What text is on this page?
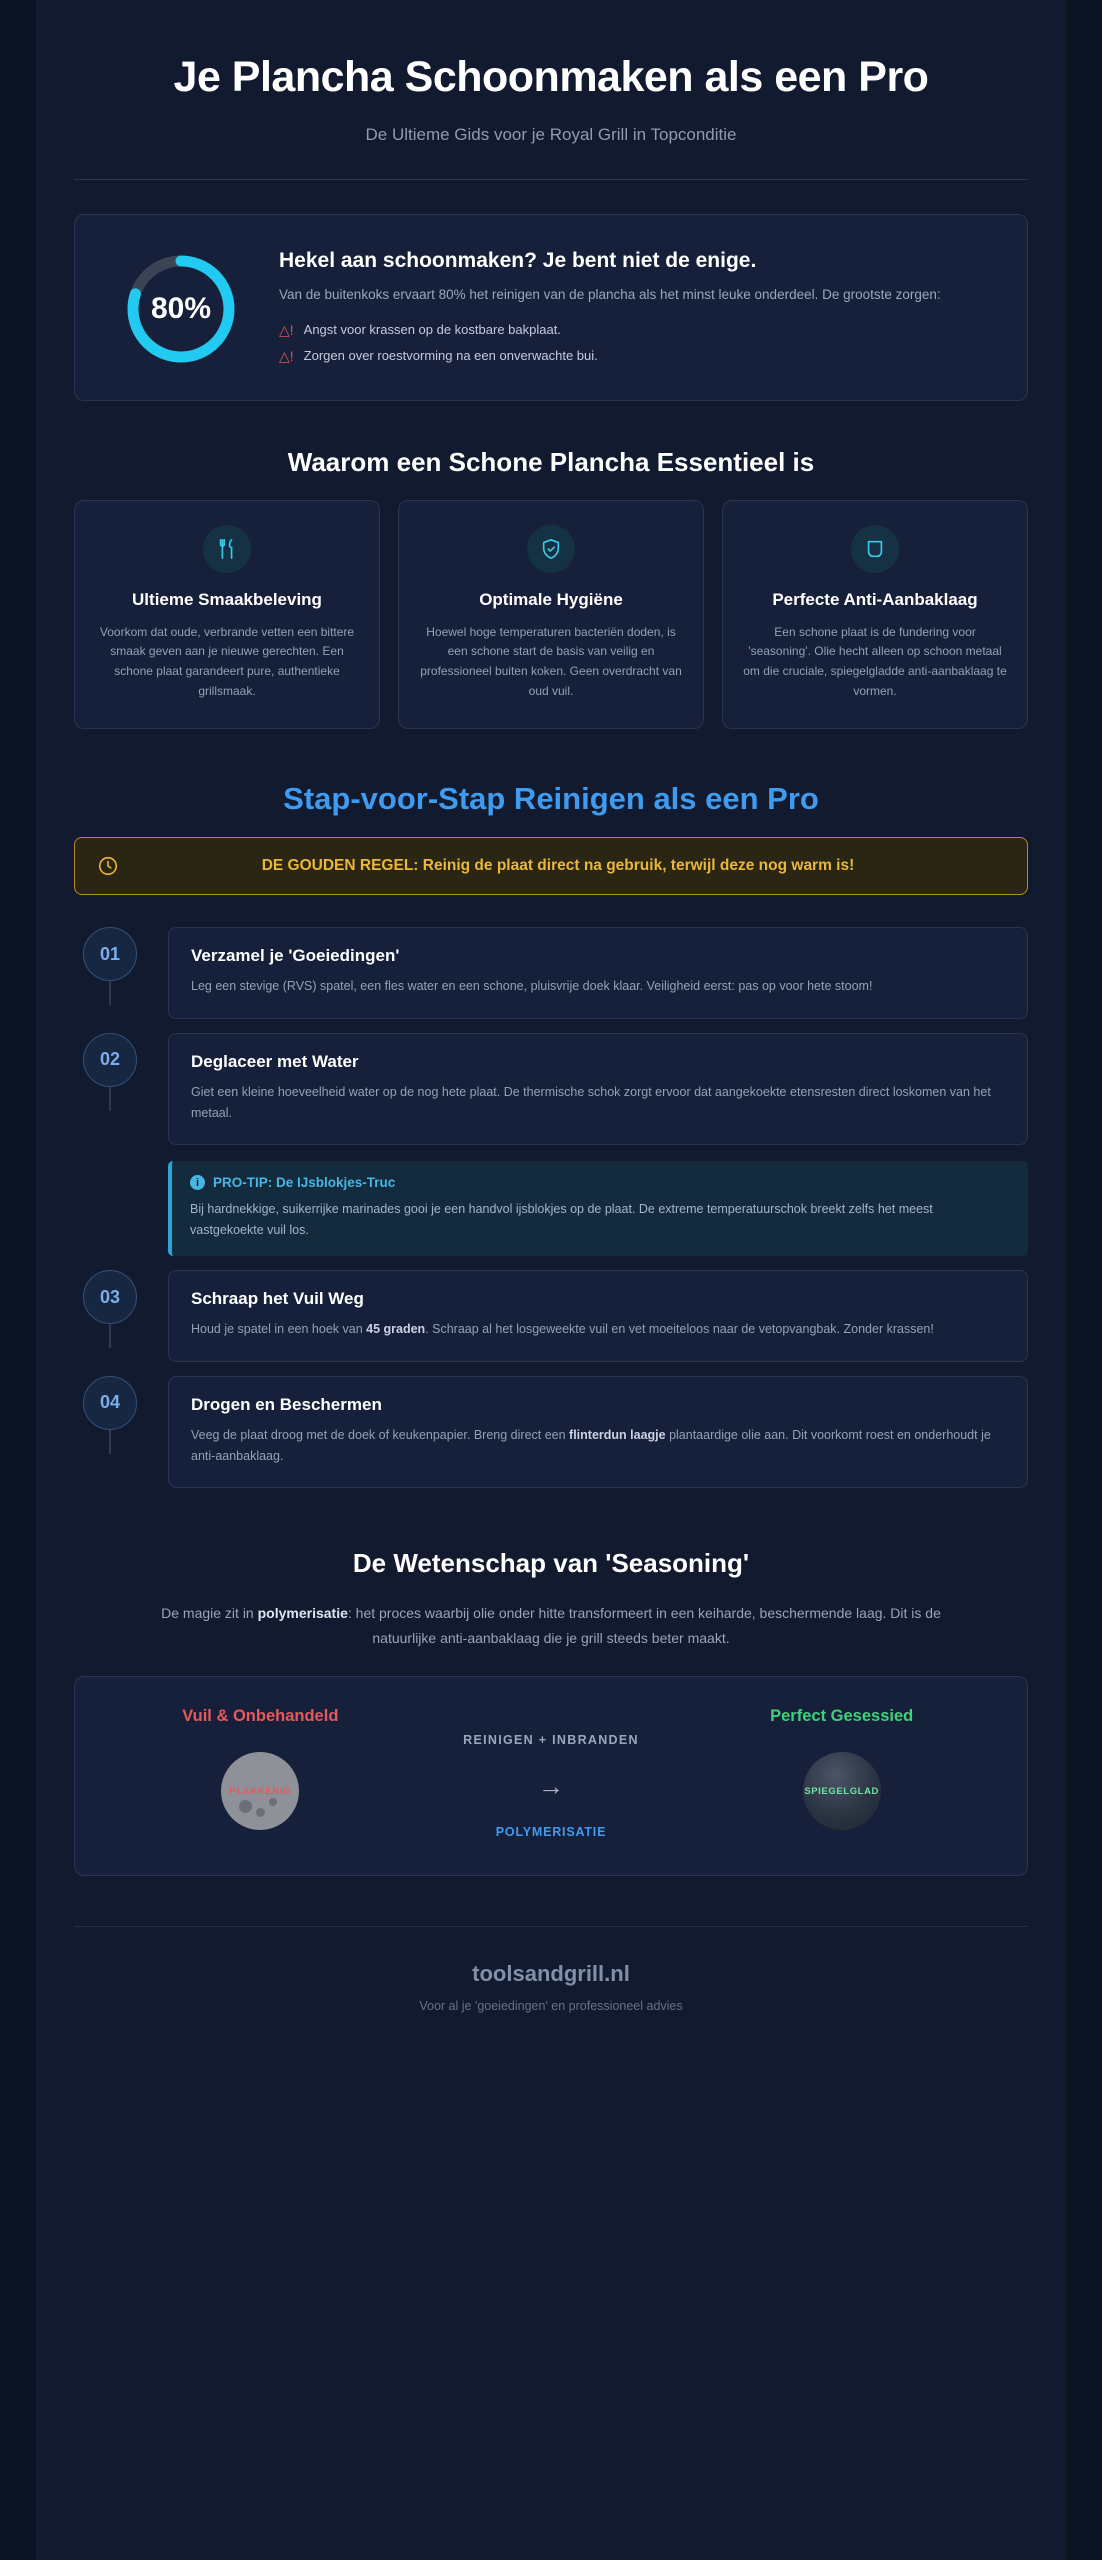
Je Plancha Schoonmaken als een Pro
De Ultieme Gids voor je Royal Grill in Topconditie
80%
Hekel aan schoonmaken? Je bent niet de enige.

Van de buitenkoks ervaart 80% het reinigen van de plancha als het minst leuke onderdeel. De grootste zorgen:

△! Angst voor krassen op de kostbare bakplaat.
△! Zorgen over roestvorming na een onverwachte bui.
Waarom een Schone Plancha Essentieel is
Ultieme Smaakbeleving

Voorkom dat oude, verbrande vetten een bittere smaak geven aan je nieuwe gerechten. Een schone plaat garandeert pure, authentieke grillsmaak.

Optimale Hygiëne

Hoewel hoge temperaturen bacteriën doden, is een schone start de basis van veilig en professioneel buiten koken. Geen overdracht van oud vuil.

Perfecte Anti-Aanbaklaag

Een schone plaat is de fundering voor 'seasoning'. Olie hecht alleen op schoon metaal om die cruciale, spiegelgladde anti-aanbaklaag te vormen.

Stap-voor-Stap Reinigen als een Pro
DE GOUDEN REGEL: Reinig de plaat direct na gebruik, terwijl deze nog warm is!
01	Verzamel je 'Goeiedingen'

Leg een stevige (RVS) spatel, een fles water en een schone, pluisvrije doek klaar. Veiligheid eerst: pas op voor hete stoom!

02	Deglaceer met Water

Giet een kleine hoeveelheid water op de nog hete plaat. De thermische schok zorgt ervoor dat aangekoekte etensresten direct loskomen van het metaal.

i	PRO-TIP: De IJsblokjes-Truc

Bij hardnekkige, suikerrijke marinades gooi je een handvol ijsblokjes op de plaat. De extreme temperatuurschok breekt zelfs het meest vastgekoekte vuil los.

03	Schraap het Vuil Weg

Houd je spatel in een hoek van 45 graden. Schraap al het losgeweekte vuil en vet moeiteloos naar de vetopvangbak. Zonder krassen!

04	Drogen en Beschermen

Veeg de plaat droog met de doek of keukenpapier. Breng direct een flinterdun laagje plantaardige olie aan. Dit voorkomt roest en onderhoudt je anti-aanbaklaag.

De Wetenschap van 'Seasoning'

De magie zit in polymerisatie: het proces waarbij olie onder hitte transformeert in een keiharde, beschermende laag. Dit is de natuurlijke anti-aanbaklaag die je grill steeds beter maakt.

Vuil & Onbehandeld
PLAKKERIG
REINIGEN + INBRANDEN
→
POLYMERISATIE
Perfect Gesessied
SPIEGELGLAD
toolsandgrill.nl
Voor al je 'goeiedingen' en professioneel advies
